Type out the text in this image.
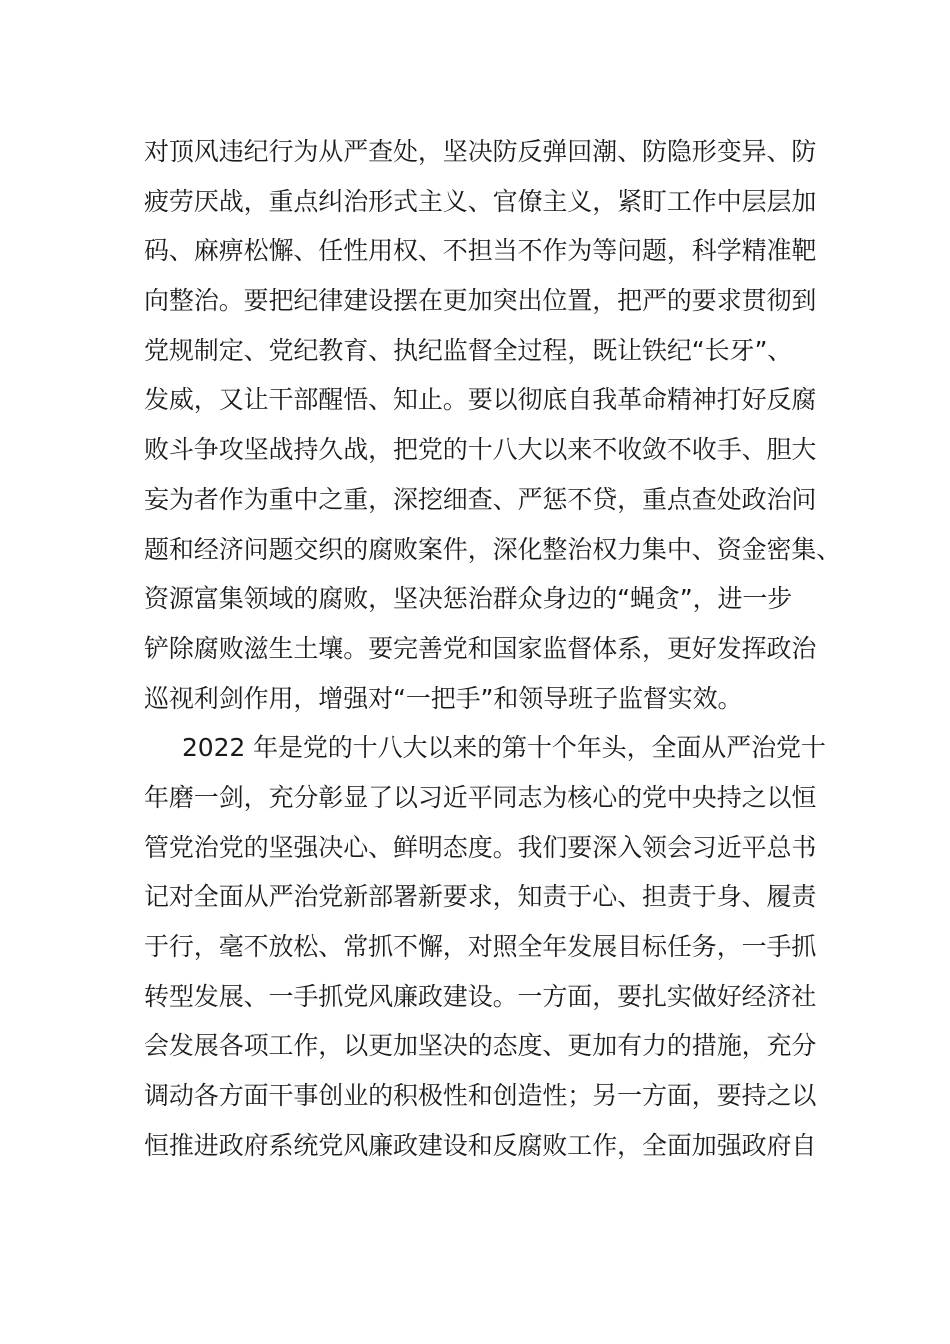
对顶风违纪行为从严查处，坚决防反弹回潮、防隐形变异、防
疲劳厌战，重点纠治形式主义、官僚主义，紧盯工作中层层加
码、麻痹松懈、任性用权、不担当不作为等问题，科学精准靶
向整治。要把纪律建设摆在更加突出位置，把严的要求贯彻到
党规制定、党纪教育、执纪监督全过程，既让铁纪“长牙”、
发威，又让干部醒悟、知止。要以彻底自我革命精神打好反腐
败斗争攻坚战持久战，把党的十八大以来不收敛不收手、胆大
妄为者作为重中之重，深挖细查、严惩不贷，重点查处政治问
题和经济问题交织的腐败案件，深化整治权力集中、资金密集、
资源富集领域的腐败，坚决惩治群众身边的“蝇贪”，进一步
铲除腐败滋生土壤。要完善党和国家监督体系，更好发挥政治
巡视利剑作用，增强对“一把手”和领导班子监督实效。
2022 年是党的十八大以来的第十个年头，全面从严治党十
年磨一剑，充分彰显了以习近平同志为核心的党中央持之以恒
管党治党的坚强决心、鲜明态度。我们要深入领会习近平总书
记对全面从严治党新部署新要求，知责于心、担责于身、履责
于行，毫不放松、常抓不懈，对照全年发展目标任务，一手抓
转型发展、一手抓党风廉政建设。一方面，要扎实做好经济社
会发展各项工作，以更加坚决的态度、更加有力的措施，充分
调动各方面干事创业的积极性和创造性；另一方面，要持之以
恒推进政府系统党风廉政建设和反腐败工作，全面加强政府自
